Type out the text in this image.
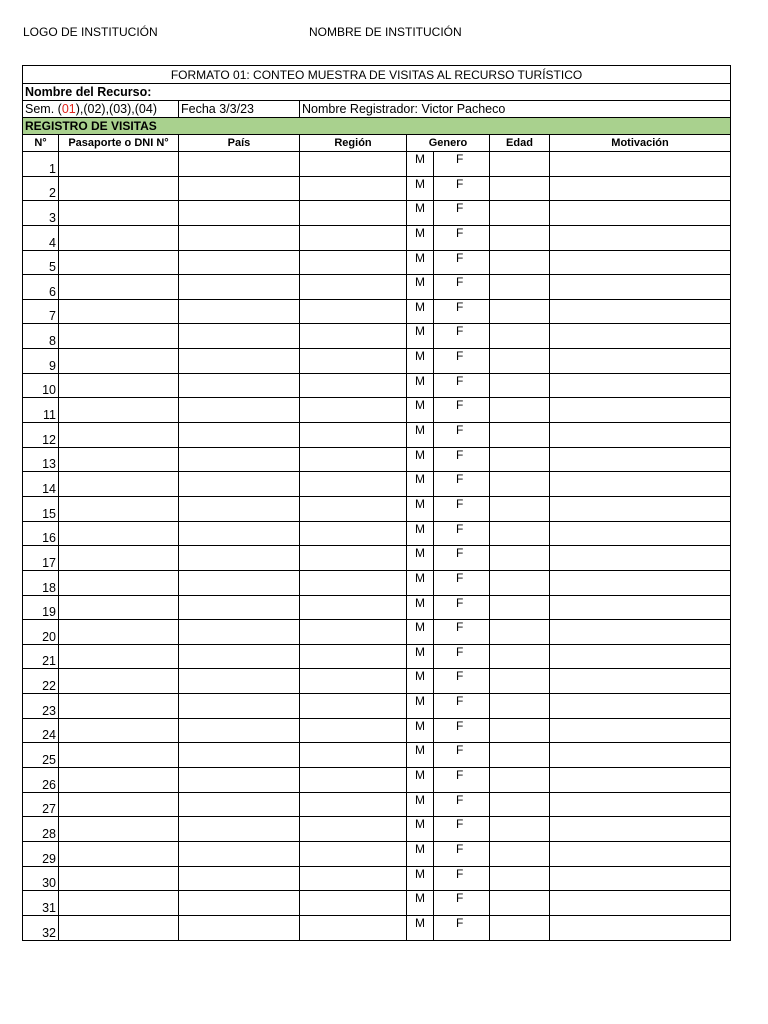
LOGO DE INSTITUCIÓN	NOMBRE DE INSTITUCIÓN
FORMATO 01: CONTEO MUESTRA DE VISITAS AL RECURSO TURÍSTICO							
Nombre del Recurso:							
Sem. (01),(02),(03),(04)		Fecha 3/3/23	Nombre Registrador: Victor Pacheco				
REGISTRO DE VISITAS							
N°	Pasaporte o DNI N°	País	Región	Genero		Edad	Motivación
1				M	F		
2				M	F		
3				M	F		
4				M	F		
5				M	F		
6				M	F		
7				M	F		
8				M	F		
9				M	F		
10				M	F		
11				M	F		
12				M	F		
13				M	F		
14				M	F		
15				M	F		
16				M	F		
17				M	F		
18				M	F		
19				M	F		
20				M	F		
21				M	F		
22				M	F		
23				M	F		
24				M	F		
25				M	F		
26				M	F		
27				M	F		
28				M	F		
29				M	F		
30				M	F		
31				M	F		
32				M	F		
